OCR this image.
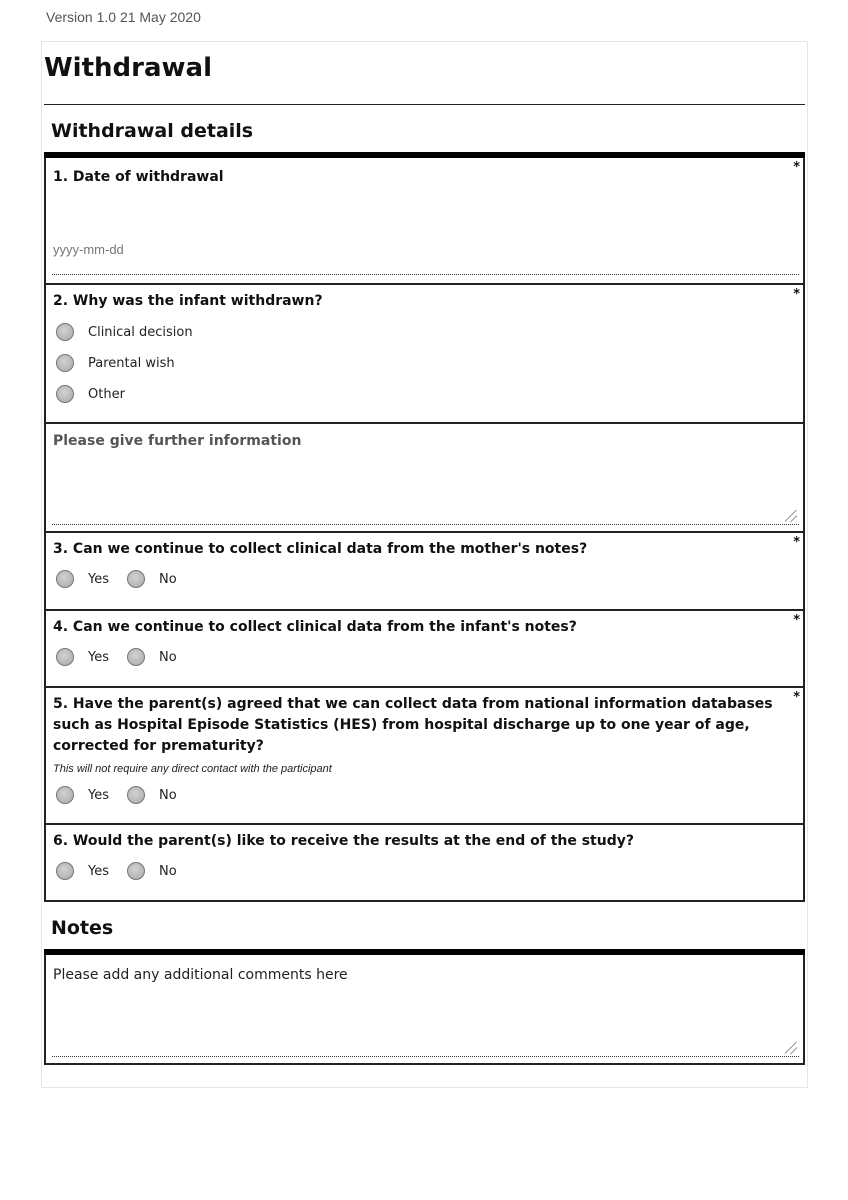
Version 1.0 21 May 2020
Withdrawal
Withdrawal details
*
1. Date of withdrawal
yyyy-mm-dd
*
2. Why was the infant withdrawn?
Clinical decision
Parental wish
Other
Please give further information
*
3. Can we continue to collect clinical data from the mother's notes?
Yes	No
*
4. Can we continue to collect clinical data from the infant's notes?
Yes	No
*
5. Have the parent(s) agreed that we can collect data from national information databases such as Hospital Episode Statistics (HES) from hospital discharge up to one year of age, corrected for prematurity?
This will not require any direct contact with the participant
Yes	No
6. Would the parent(s) like to receive the results at the end of the study?
Yes	No
Notes
Please add any additional comments here
